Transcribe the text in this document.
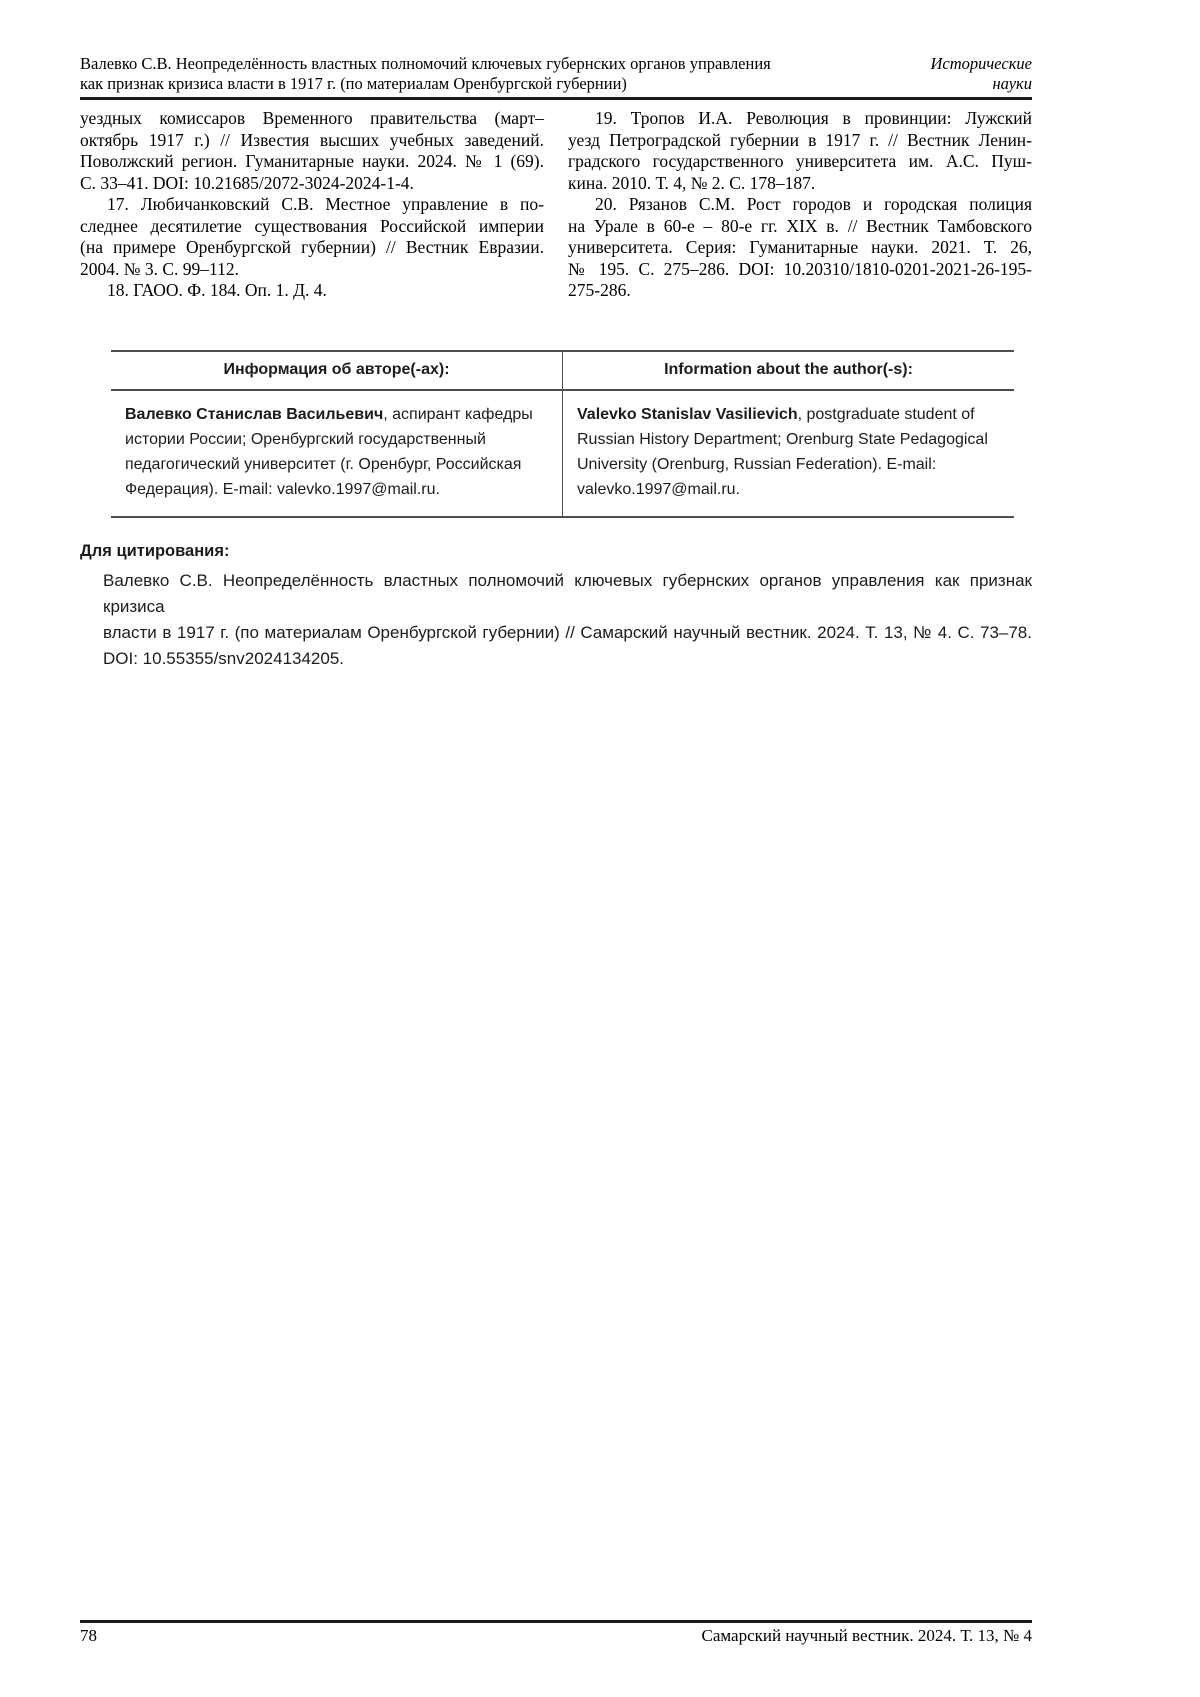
Валевко С.В. Неопределённость властных полномочий ключевых губернских органов управления
как признак кризиса власти в 1917 г. (по материалам Оренбургской губернии)
Исторические
науки
уездных комиссаров Временного правительства (март–
октябрь 1917 г.) // Известия высших учебных заведений.
Поволжский регион. Гуманитарные науки. 2024. № 1 (69).
С. 33–41. DOI: 10.21685/2072-3024-2024-1-4.
17. Любичанковский С.В. Местное управление в по-
следнее десятилетие существования Российской империи
(на примере Оренбургской губернии) // Вестник Евразии.
2004. № 3. С. 99–112.
18. ГАОО. Ф. 184. Оп. 1. Д. 4.
19. Тропов И.А. Революция в провинции: Лужский
уезд Петроградской губернии в 1917 г. // Вестник Ленин-
градского государственного университета им. А.С. Пуш-
кина. 2010. Т. 4, № 2. С. 178–187.
20. Рязанов С.М. Рост городов и городская полиция
на Урале в 60-е – 80-е гг. XIX в. // Вестник Тамбовского
университета. Серия: Гуманитарные науки. 2021. Т. 26,
№ 195. С. 275–286. DOI: 10.20310/1810-0201-2021-26-195-
275-286.
Информация об авторе(-ах):	Information about the author(-s):
Валевко Станислав Васильевич, аспирант кафедры истории России; Оренбургский государственный педагогический университет (г. Оренбург, Российская Федерация). E-mail: valevko.1997@mail.ru.	Valevko Stanislav Vasilievich, postgraduate student of Russian History Department; Orenburg State Pedagogical University (Orenburg, Russian Federation). E-mail: valevko.1997@mail.ru.
Для цитирования:
Валевко С.В. Неопределённость властных полномочий ключевых губернских органов управления как признак кризиса
власти в 1917 г. (по материалам Оренбургской губернии) // Самарский научный вестник. 2024. Т. 13, № 4. С. 73–78.
DOI: 10.55355/snv2024134205.
78	Самарский научный вестник. 2024. Т. 13, № 4
